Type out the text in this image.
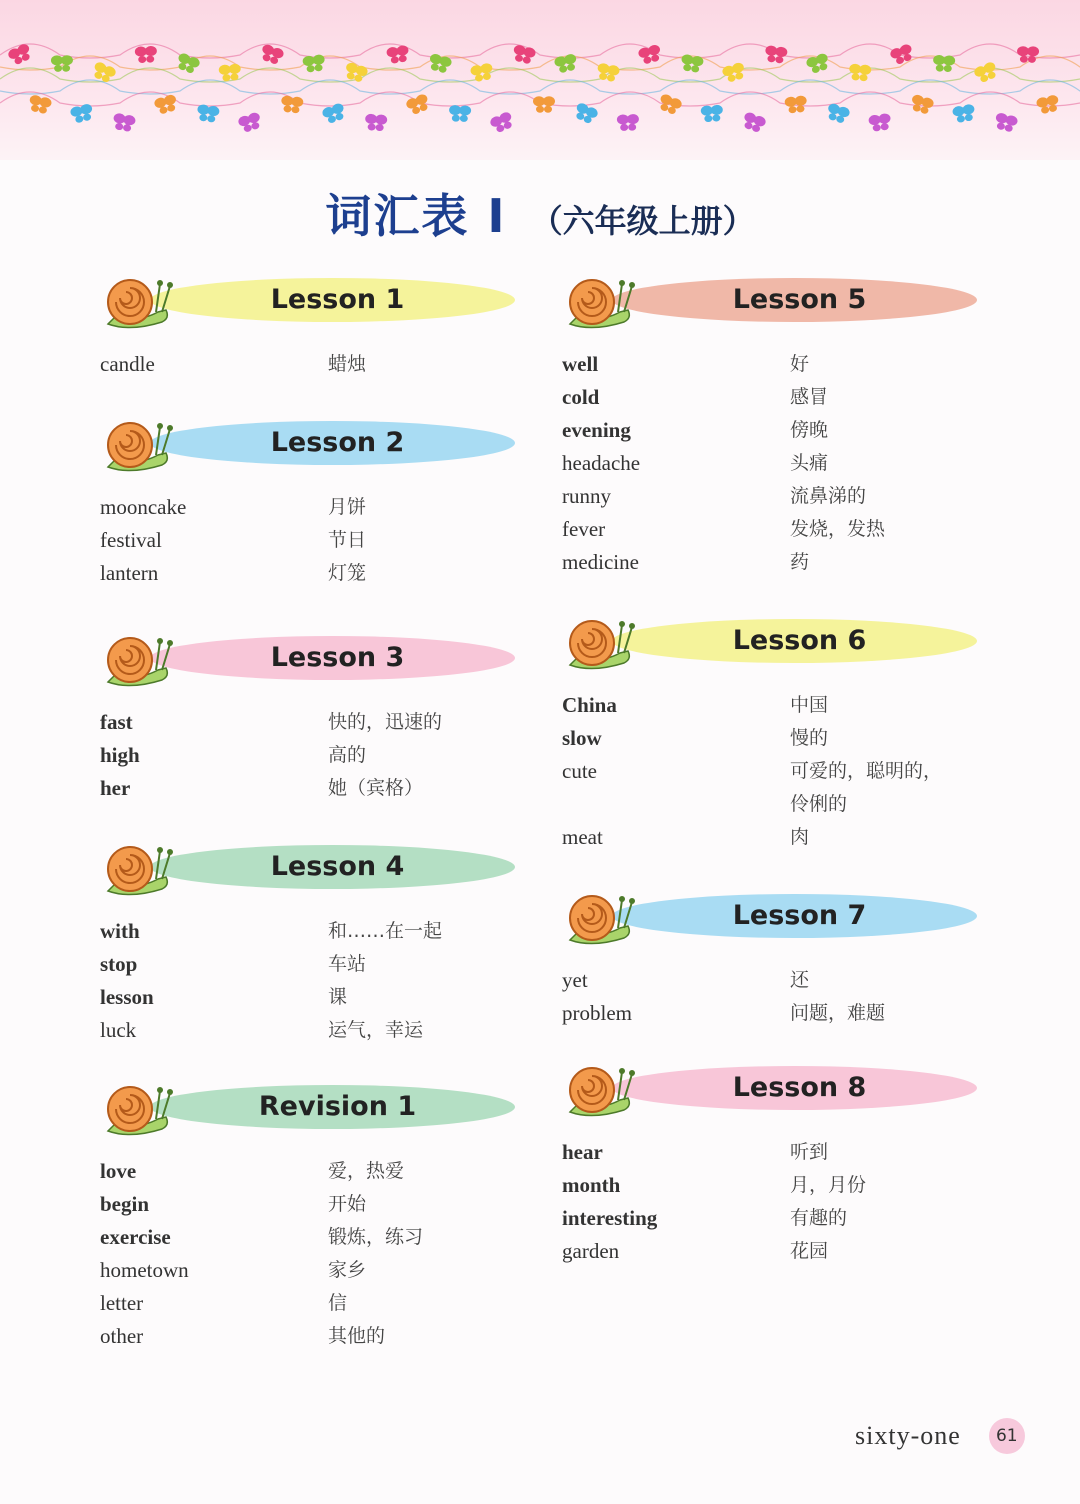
词汇表 I （六年级上册）
Lesson 1
candle	蜡烛
Lesson 2
mooncake	月饼
festival	节日
lantern	灯笼
Lesson 3
fast	快的，迅速的
high	高的
her	她（宾格）
Lesson 4
with	和……在一起
stop	车站
lesson	课
luck	运气，幸运
Revision 1
love	爱，热爱
begin	开始
exercise	锻炼，练习
hometown	家乡
letter	信
other	其他的
Lesson 5
well	好
cold	感冒
evening	傍晚
headache	头痛
runny	流鼻涕的
fever	发烧，发热
medicine	药
Lesson 6
China	中国
slow	慢的
cute	可爱的，聪明的，
伶俐的
meat	肉
Lesson 7
yet	还
problem	问题，难题
Lesson 8
hear	听到
month	月，月份
interesting	有趣的
garden	花园
sixty-one	61
